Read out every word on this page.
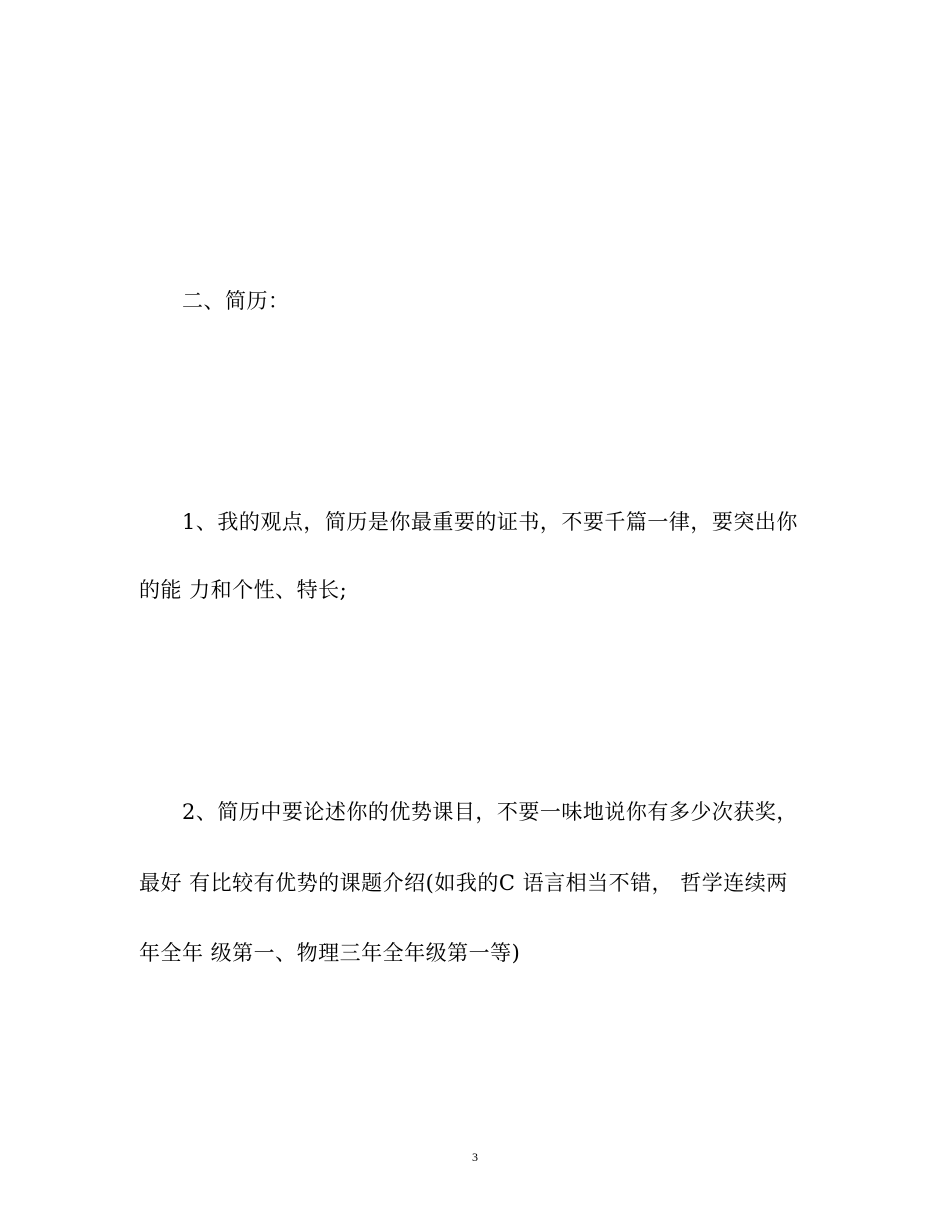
二、简历：
1、我的观点，简历是你最重要的证书，不要千篇一律，要突出你
的能 力和个性、特长;
2、简历中要论述你的优势课目，不要一味地说你有多少次获奖，
最好 有比较有优势的课题介绍(如我的C 语言相当不错， 哲学连续两
年全年 级第一、物理三年全年级第一等)
3
